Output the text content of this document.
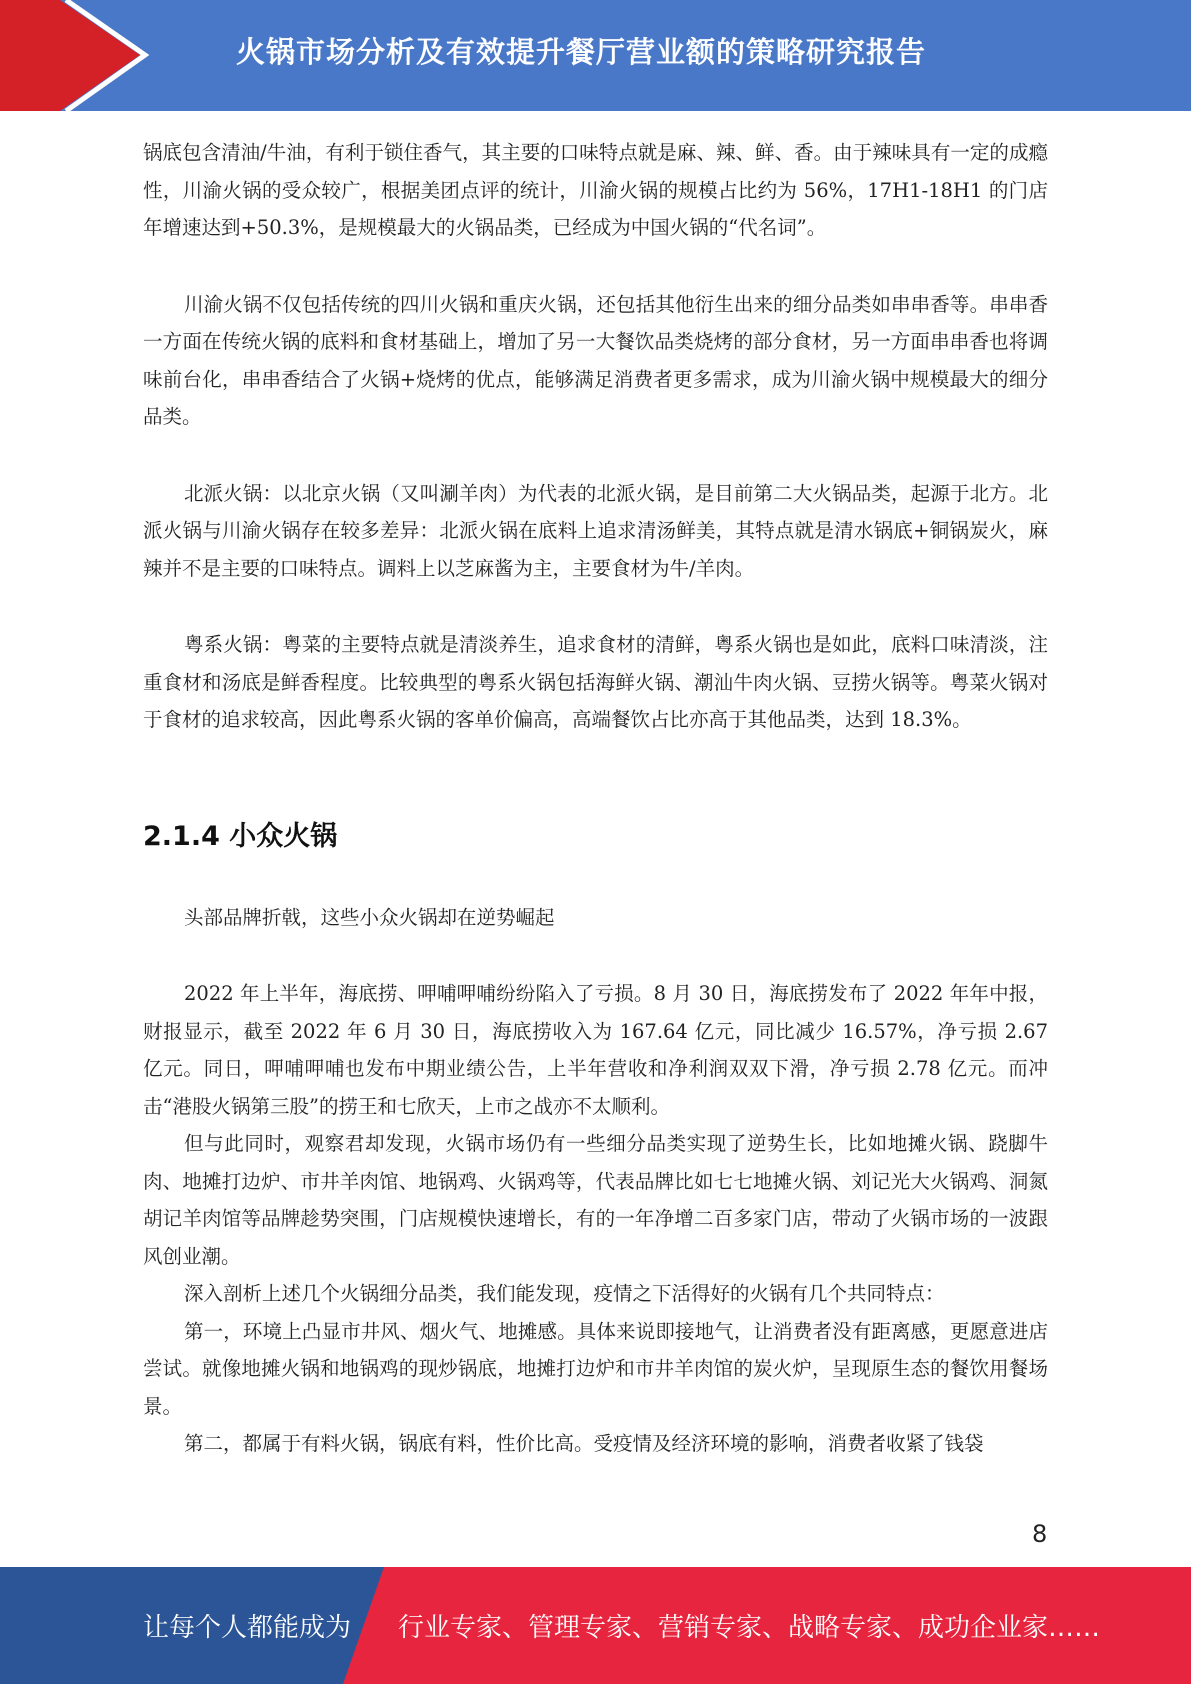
火锅市场分析及有效提升餐厅营业额的策略研究报告

锅底包含清油/牛油，有利于锁住香气，其主要的口味特点就是麻、辣、鲜、香。由于辣味具有一定的成瘾性，川渝火锅的受众较广，根据美团点评的统计，川渝火锅的规模占比约为 56%，17H1-18H1 的门店年增速达到+50.3%，是规模最大的火锅品类，已经成为中国火锅的“代名词”。

川渝火锅不仅包括传统的四川火锅和重庆火锅，还包括其他衍生出来的细分品类如串串香等。串串香一方面在传统火锅的底料和食材基础上，增加了另一大餐饮品类烧烤的部分食材，另一方面串串香也将调味前台化，串串香结合了火锅+烧烤的优点，能够满足消费者更多需求，成为川渝火锅中规模最大的细分品类。

北派火锅：以北京火锅（又叫涮羊肉）为代表的北派火锅，是目前第二大火锅品类，起源于北方。北派火锅与川渝火锅存在较多差异：北派火锅在底料上追求清汤鲜美，其特点就是清水锅底+铜锅炭火，麻辣并不是主要的口味特点。调料上以芝麻酱为主，主要食材为牛/羊肉。

粤系火锅：粤菜的主要特点就是清淡养生，追求食材的清鲜，粤系火锅也是如此，底料口味清淡，注重食材和汤底是鲜香程度。比较典型的粤系火锅包括海鲜火锅、潮汕牛肉火锅、豆捞火锅等。粤菜火锅对于食材的追求较高，因此粤系火锅的客单价偏高，高端餐饮占比亦高于其他品类，达到 18.3%。

2.1.4 小众火锅

头部品牌折戟，这些小众火锅却在逆势崛起

2022 年上半年，海底捞、呷哺呷哺纷纷陷入了亏损。8 月 30 日，海底捞发布了 2022 年年中报，财报显示，截至 2022 年 6 月 30 日，海底捞收入为 167.64 亿元，同比减少 16.57%，净亏损 2.67 亿元。同日，呷哺呷哺也发布中期业绩公告，上半年营收和净利润双双下滑，净亏损 2.78 亿元。而冲击“港股火锅第三股”的捞王和七欣天，上市之战亦不太顺利。

但与此同时，观察君却发现，火锅市场仍有一些细分品类实现了逆势生长，比如地摊火锅、跷脚牛肉、地摊打边炉、市井羊肉馆、地锅鸡、火锅鸡等，代表品牌比如七七地摊火锅、刘记光大火锅鸡、洞氮胡记羊肉馆等品牌趁势突围，门店规模快速增长，有的一年净增二百多家门店，带动了火锅市场的一波跟风创业潮。

深入剖析上述几个火锅细分品类，我们能发现，疫情之下活得好的火锅有几个共同特点：

第一，环境上凸显市井风、烟火气、地摊感。具体来说即接地气，让消费者没有距离感，更愿意进店尝试。就像地摊火锅和地锅鸡的现炒锅底，地摊打边炉和市井羊肉馆的炭火炉，呈现原生态的餐饮用餐场景。

第二，都属于有料火锅，锅底有料，性价比高。受疫情及经济环境的影响，消费者收紧了钱袋

8
让每个人都能成为 行业专家、管理专家、营销专家、战略专家、成功企业家……
